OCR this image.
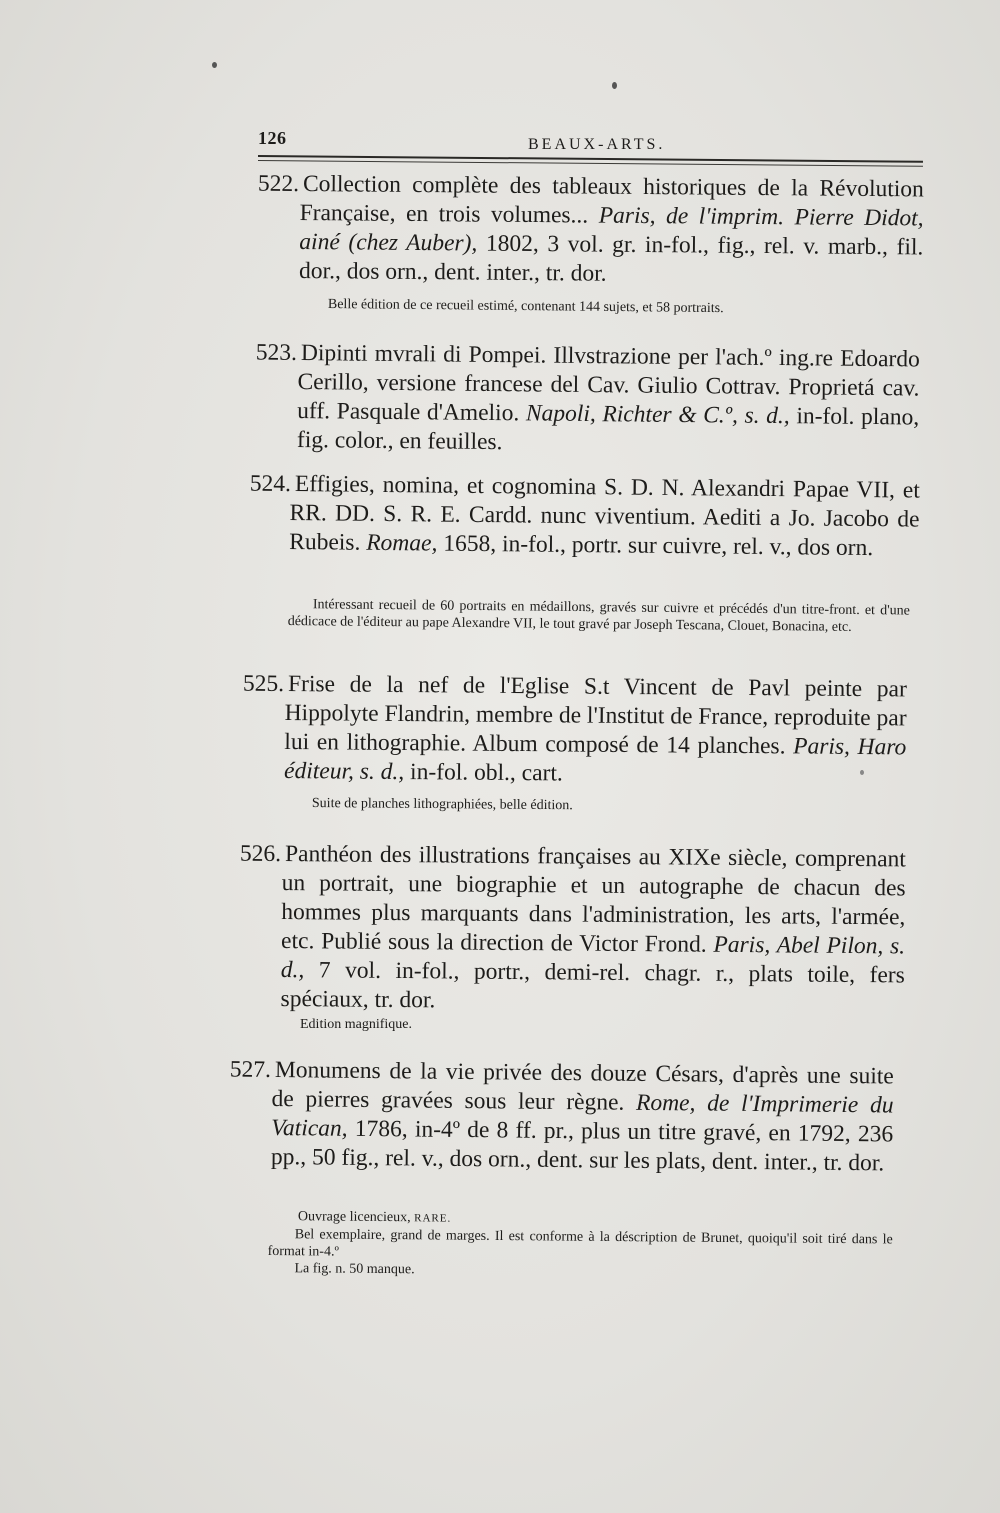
126	BEAUX-ARTS.
522. Collection complète des tableaux historiques de la Révolution Française, en trois volumes... Paris, de l'imprim. Pierre Didot, ainé (chez Auber), 1802, 3 vol. gr. in-fol., fig., rel. v. marb., fil. dor., dos orn., dent. inter., tr. dor.
Belle édition de ce recueil estimé, contenant 144 sujets, et 58 portraits.
523. Dipinti mvrali di Pompei. Illvstrazione per l'ach.º ing.re Edoardo Cerillo, versione francese del Cav. Giulio Cottrav. Proprietá cav. uff. Pasquale d'Amelio. Napoli, Richter & C.º, s. d., in-fol. plano, fig. color., en feuilles.
524. Effigies, nomina, et cognomina S. D. N. Alexandri Papae VII, et RR. DD. S. R. E. Cardd. nunc viventium. Aediti a Jo. Jacobo de Rubeis. Romae, 1658, in-fol., portr. sur cuivre, rel. v., dos orn.
Intéressant recueil de 60 portraits en médaillons, gravés sur cuivre et précédés d'un titre-front. et d'une dédicace de l'éditeur au pape Alexandre VII, le tout gravé par Joseph Tescana, Clouet, Bonacina, etc.
525. Frise de la nef de l'Eglise S.t Vincent de Pavl peinte par Hippolyte Flandrin, membre de l'Institut de France, reproduite par lui en lithographie. Album composé de 14 planches. Paris, Haro éditeur, s. d., in-fol. obl., cart.
Suite de planches lithographiées, belle édition.
526. Panthéon des illustrations françaises au XIXe siècle, comprenant un portrait, une biographie et un autographe de chacun des hommes plus marquants dans l'administration, les arts, l'armée, etc. Publié sous la direction de Victor Frond. Paris, Abel Pilon, s. d., 7 vol. in-fol., portr., demi-rel. chagr. r., plats toile, fers spéciaux, tr. dor.
Edition magnifique.
527. Monumens de la vie privée des douze Césars, d'après une suite de pierres gravées sous leur règne. Rome, de l'Imprimerie du Vatican, 1786, in-4º de 8 ff. pr., plus un titre gravé, en 1792, 236 pp., 50 fig., rel. v., dos orn., dent. sur les plats, dent. inter., tr. dor.
Ouvrage licencieux, RARE.
Bel exemplaire, grand de marges. Il est conforme à la déscription de Brunet, quoiqu'il soit tiré dans le format in-4.º
La fig. n. 50 manque.
